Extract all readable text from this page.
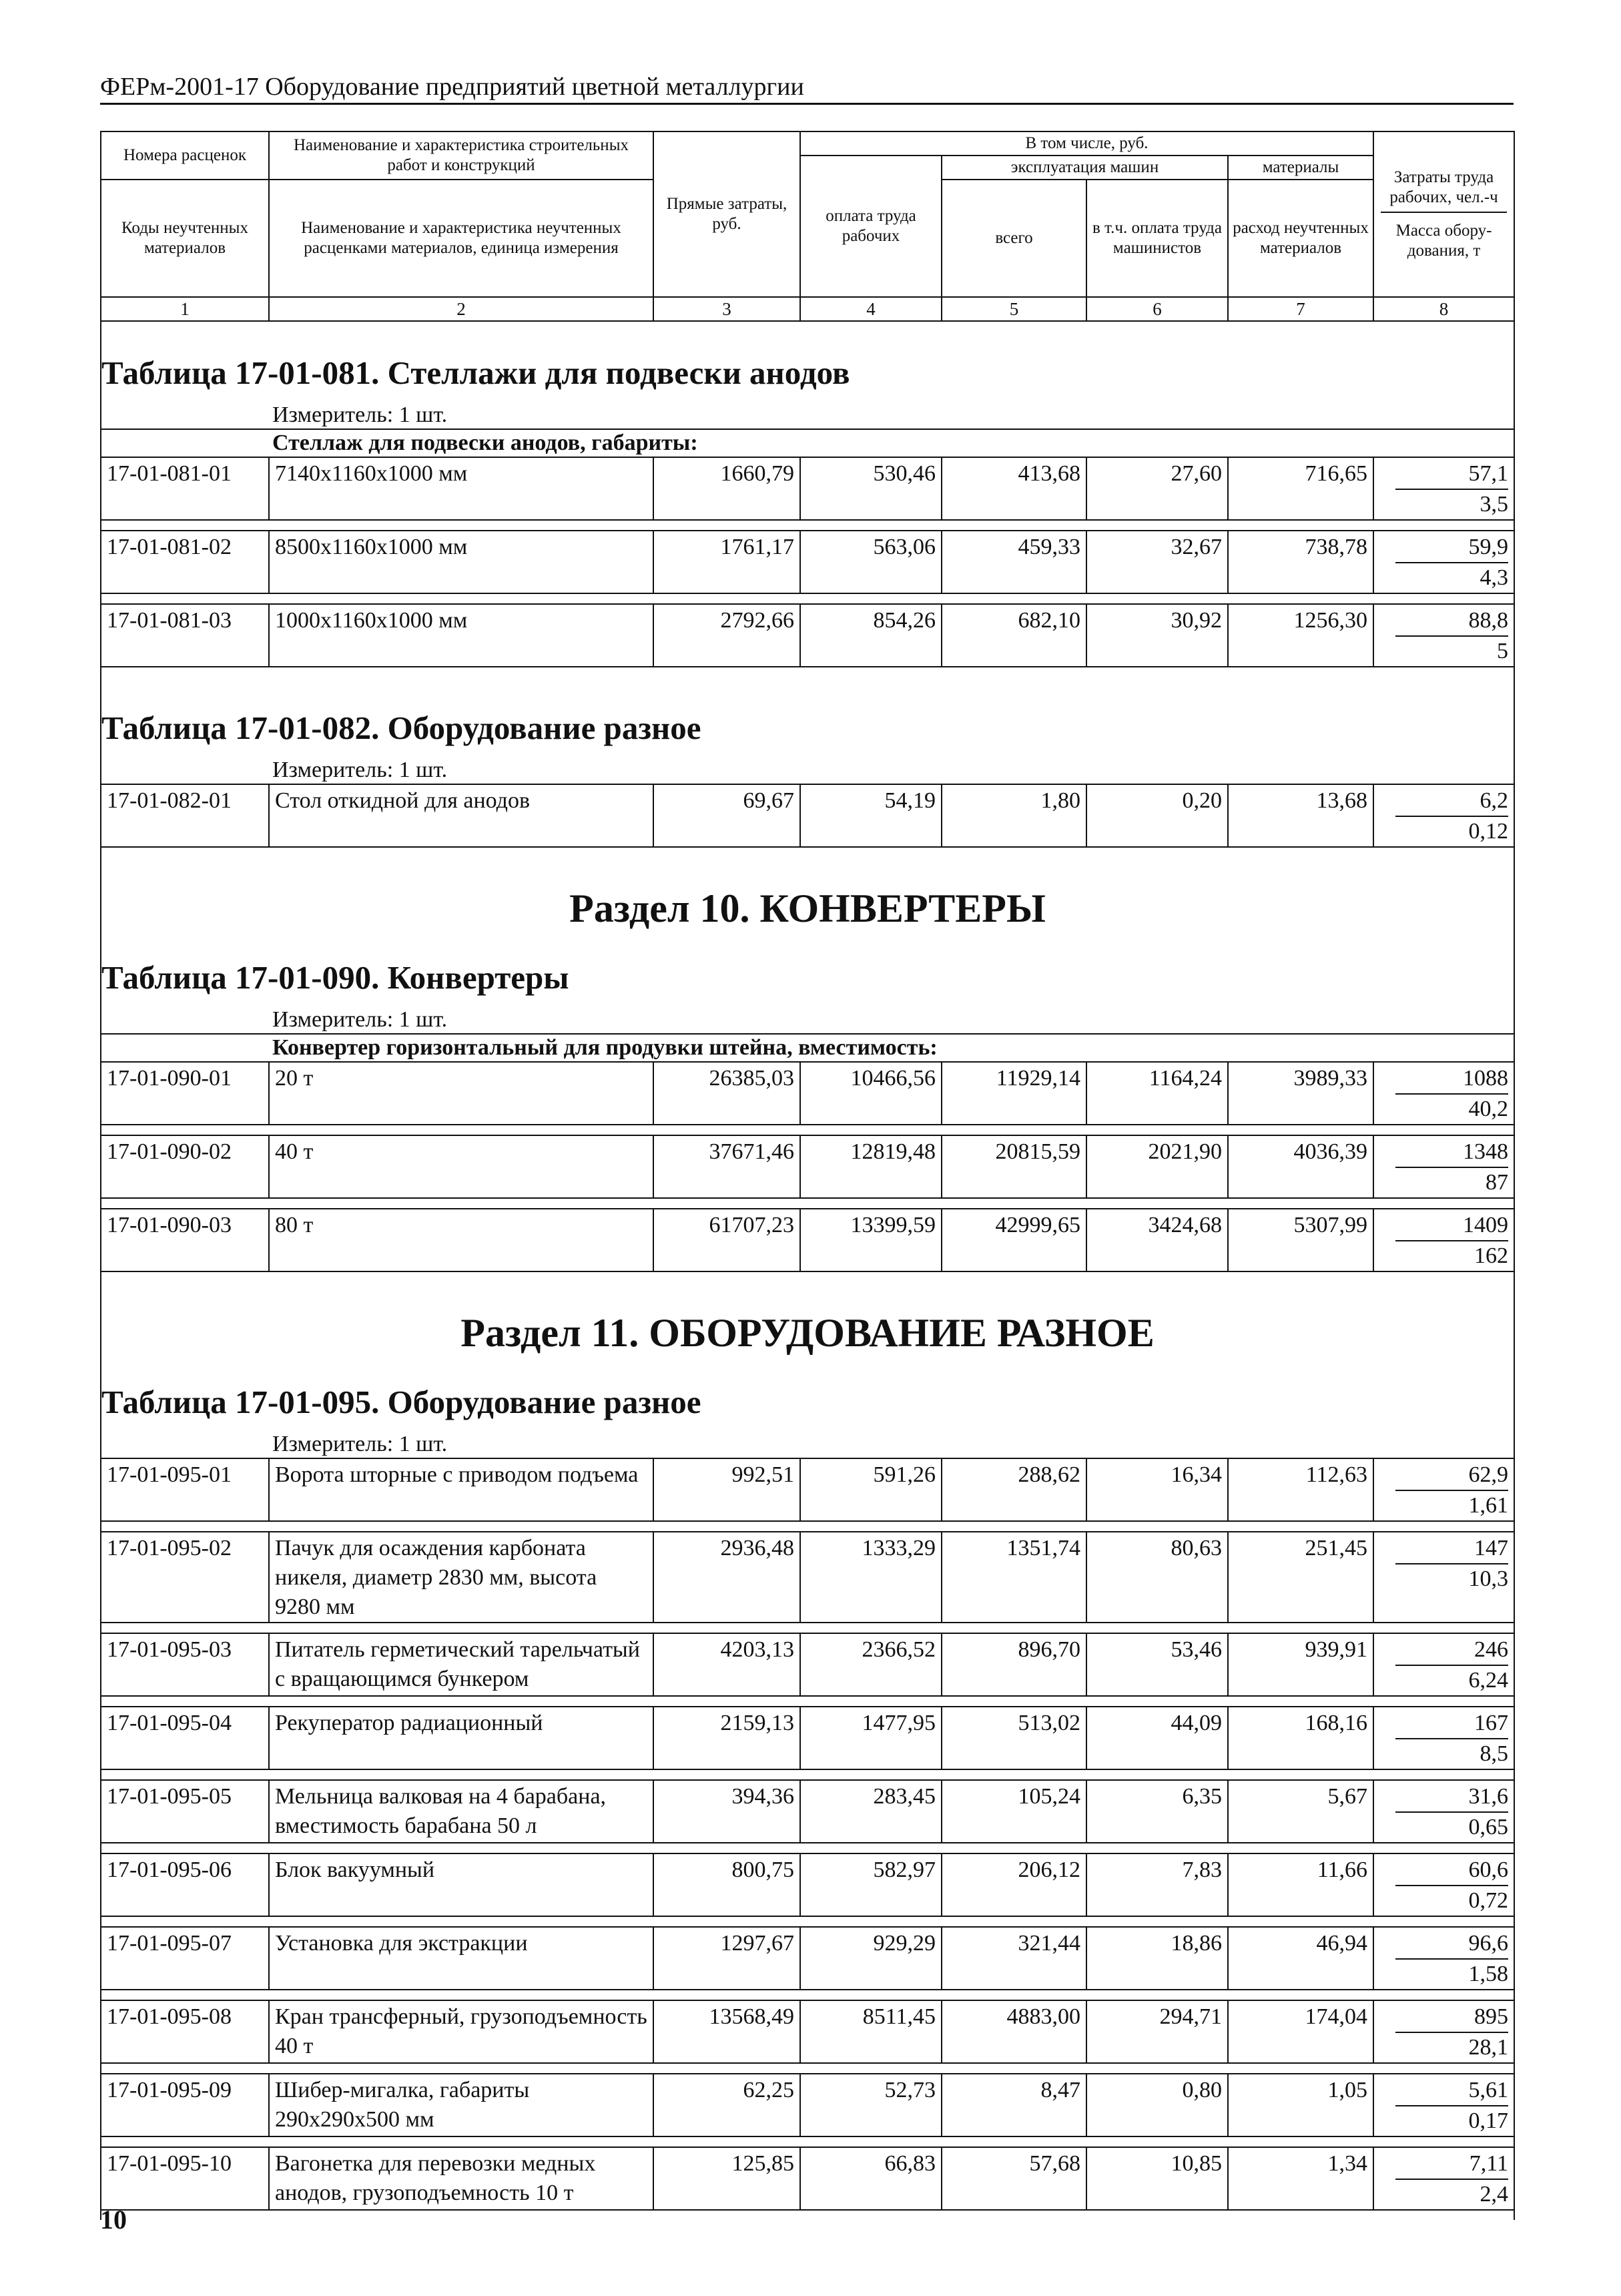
ФЕРм-2001-17 Оборудование предприятий цветной металлургии
Номера расценок	Наименование и характеристика строительных работ и конструкций	Прямые затраты, руб.	В том числе, руб.				Затраты труда рабочих, чел.-ч
Масса обору-дования, т

			оплата труда рабочих	эксплуатация машин		материалы	
Коды неучтенных материалов	Наименование и характеристика неучтенных расценками материалов, единица измерения			всего	в т.ч. оплата труда машинистов	расход неучтенных материалов	

1	2	3	4	5	6	7	8
Таблица 17-01-081. Стеллажи для подвески анодов							
Измеритель: 1 шт.							
Стеллаж для подвески анодов, габариты:							
17-01-081-01	7140х1160х1000 мм	1660,79	530,46	413,68	27,60	716,65	57,1
3,5

17-01-081-02	8500х1160х1000 мм	1761,17	563,06	459,33	32,67	738,78	59,9
4,3

17-01-081-03	1000х1160х1000 мм	2792,66	854,26	682,10	30,92	1256,30	88,8
5

Таблица 17-01-082. Оборудование разное							
Измеритель: 1 шт.							
17-01-082-01	Стол откидной для анодов	69,67	54,19	1,80	0,20	13,68	6,2
0,12

Раздел 10. КОНВЕРТЕРЫ							
Таблица 17-01-090. Конвертеры							
Измеритель: 1 шт.							
Конвертер горизонтальный для продувки штейна, вместимость:							
17-01-090-01	20 т	26385,03	10466,56	11929,14	1164,24	3989,33	1088
40,2

17-01-090-02	40 т	37671,46	12819,48	20815,59	2021,90	4036,39	1348
87

17-01-090-03	80 т	61707,23	13399,59	42999,65	3424,68	5307,99	1409
162

Раздел 11. ОБОРУДОВАНИЕ РАЗНОЕ							
Таблица 17-01-095. Оборудование разное							
Измеритель: 1 шт.							
17-01-095-01	Ворота шторные с приводом подъема	992,51	591,26	288,62	16,34	112,63	62,9
1,61

17-01-095-02	Пачук для осаждения карбоната никеля, диаметр 2830 мм, высота 9280 мм	2936,48	1333,29	1351,74	80,63	251,45	147
10,3

17-01-095-03	Питатель герметический тарельчатый с вращающимся бункером	4203,13	2366,52	896,70	53,46	939,91	246
6,24

17-01-095-04	Рекуператор радиационный	2159,13	1477,95	513,02	44,09	168,16	167
8,5

17-01-095-05	Мельница валковая на 4 барабана, вместимость барабана 50 л	394,36	283,45	105,24	6,35	5,67	31,6
0,65

17-01-095-06	Блок вакуумный	800,75	582,97	206,12	7,83	11,66	60,6
0,72

17-01-095-07	Установка для экстракции	1297,67	929,29	321,44	18,86	46,94	96,6
1,58

17-01-095-08	Кран трансферный, грузоподъемность 40 т	13568,49	8511,45	4883,00	294,71	174,04	895
28,1

17-01-095-09	Шибер-мигалка, габариты 290х290х500 мм	62,25	52,73	8,47	0,80	1,05	5,61
0,17

17-01-095-10	Вагонетка для перевозки медных анодов, грузоподъемность 10 т	125,85	66,83	57,68	10,85	1,34	7,11
2,4

10
